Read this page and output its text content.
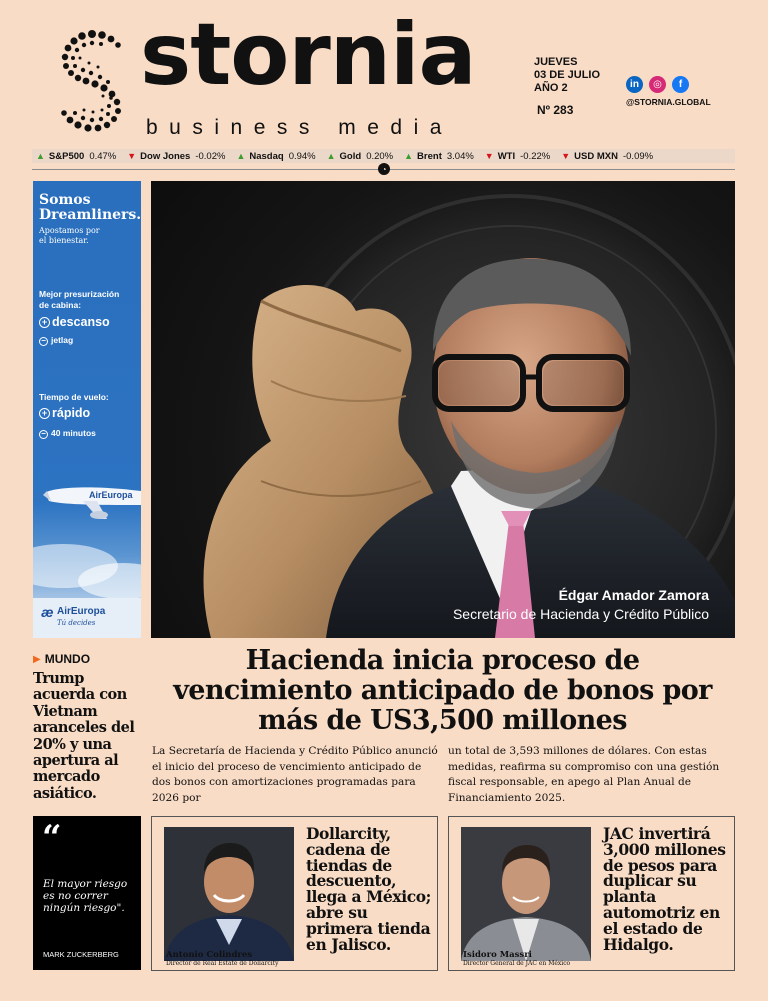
stornia
business media
JUEVES
03 DE JULIO
AÑO 2
Nº 283
in	◎	f
@STORNIA.GLOBAL
▲ S&P500 0.47% ▼ Dow Jones -0.02% ▲ Nasdaq 0.94% ▲ Gold 0.20% ▲ Brent 3.04% ▼ WTI -0.22% ▼ USD MXN -0.09%
◔
Somos
Dreamliners.
Apostamos por
el bienestar.
Mejor presurización
de cabina:
+ descanso
− jetlag
Tiempo de vuelo:
+ rápido
− 40 minutos
AirEuropa
æ AirEuropa
Tú decides
Édgar Amador Zamora
Secretario de Hacienda y Crédito Público
▶ MUNDO
Trump acuerda con Vietnam aranceles del 20% y una apertura al mercado asiático.
“
El mayor riesgo es no correr ningún riesgo".
MARK ZUCKERBERG
Hacienda inicia proceso de vencimiento anticipado de bonos por más de US3,500 millones
La Secretaría de Hacienda y Crédito Público anunció el inicio del proceso de vencimiento anticipado de dos bonos con amortizaciones programadas para 2026 por
un total de 3,593 millones de dólares. Con estas medidas, reafirma su compromiso con una gestión fiscal responsable, en apego al Plan Anual de Financiamiento 2025.
Antonio Colindres
Director de Real Estate de Dollarcity
Dollarcity, cadena de tiendas de descuento, llega a México; abre su primera tienda en Jalisco.
Isidoro Massri
Director General de JAC en México
JAC invertirá 3,000 millones de pesos para duplicar su planta automotriz en el estado de Hidalgo.
